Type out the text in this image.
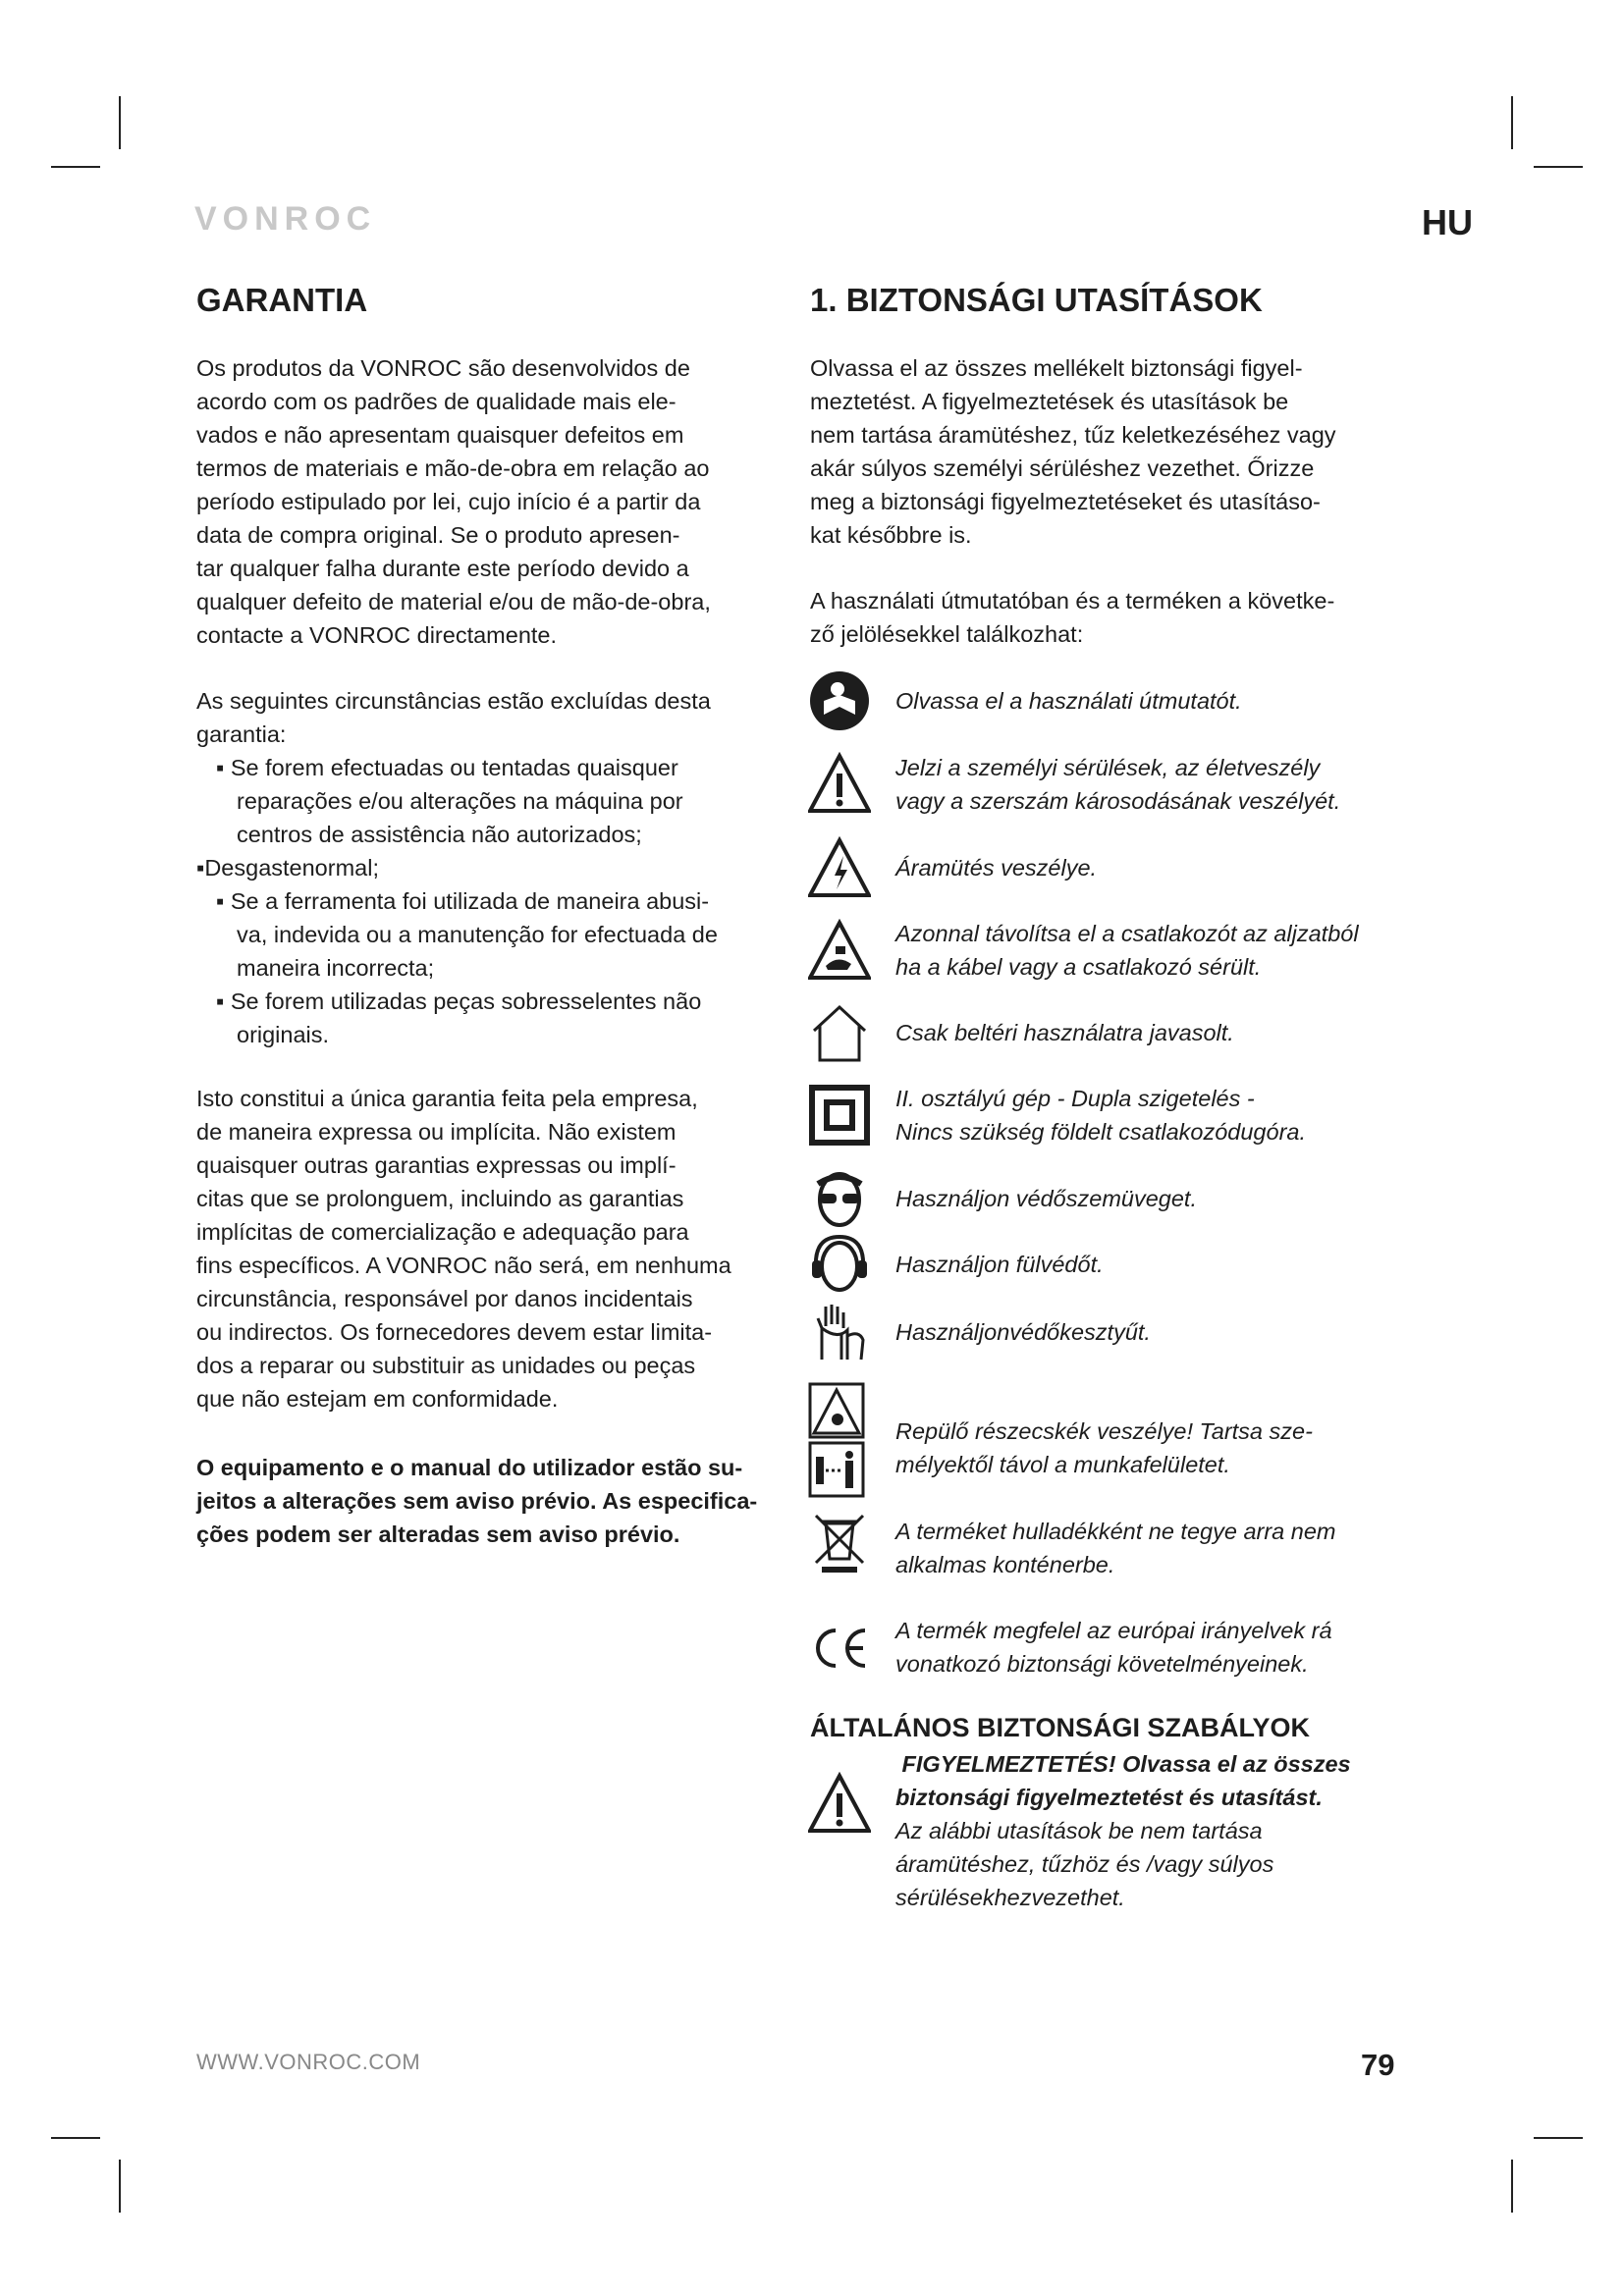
VONROC	HU
GARANTIA
Os produtos da VONROC são desenvolvidos de
acordo com os padrões de qualidade mais ele-
vados e não apresentam quaisquer defeitos em
termos de materiais e mão-de-obra em relação ao
período estipulado por lei, cujo início é a partir da
data de compra original. Se o produto apresen-
tar qualquer falha durante este período devido a
qualquer defeito de material e/ou de mão-de-obra,
contacte a VONROC directamente.
As seguintes circunstâncias estão excluídas desta
garantia:
▪ Se forem efectuadas ou tentadas quaisquer
reparações e/ou alterações na máquina por
centros de assistência não autorizados;
▪Desgastenormal;
▪ Se a ferramenta foi utilizada de maneira abusi-
va, indevida ou a manutenção for efectuada de
maneira incorrecta;
▪ Se forem utilizadas peças sobresselentes não
originais.
Isto constitui a única garantia feita pela empresa,
de maneira expressa ou implícita. Não existem
quaisquer outras garantias expressas ou implí-
citas que se prolonguem, incluindo as garantias
implícitas de comercialização e adequação para
fins específicos. A VONROC não será, em nenhuma
circunstância, responsável por danos incidentais
ou indirectos. Os fornecedores devem estar limita-
dos a reparar ou substituir as unidades ou peças
que não estejam em conformidade.
O equipamento e o manual do utilizador estão su-
jeitos a alterações sem aviso prévio. As especifica-
ções podem ser alteradas sem aviso prévio.
1. BIZTONSÁGI UTASÍTÁSOK
Olvassa el az összes mellékelt biztonsági figyel-
meztetést. A figyelmeztetések és utasítások be
nem tartása áramütéshez, tűz keletkezéséhez vagy
akár súlyos személyi sérüléshez vezethet. Őrizze
meg a biztonsági figyelmeztetéseket és utasításo-
kat későbbre is.
A használati útmutatóban és a terméken a követke-
ző jelölésekkel találkozhat:
Olvassa el a használati útmutatót.
Jelzi a személyi sérülések, az életveszély
vagy a szerszám károsodásának veszélyét.
Áramütés veszélye.
Azonnal távolítsa el a csatlakozót az aljzatból
ha a kábel vagy a csatlakozó sérült.
Csak beltéri használatra javasolt.
II. osztályú gép - Dupla szigetelés -
Nincs szükség földelt csatlakozódugóra.
Használjon védőszemüveget.
Használjon fülvédőt.
Használjonvédőkesztyűt.
Repülő részecskék veszélye! Tartsa sze-
mélyektől távol a munkafelületet.
A terméket hulladékként ne tegye arra nem
alkalmas konténerbe.
A termék megfelel az európai irányelvek rá
vonatkozó biztonsági követelményeinek.
ÁLTALÁNOS BIZTONSÁGI SZABÁLYOK
FIGYELMEZTETÉS! Olvassa el az összes
biztonsági figyelmeztetést és utasítást.
Az alábbi utasítások be nem tartása
áramütéshez, tűzhöz és /vagy súlyos
sérülésekhezvezethet.
WWW.VONROC.COM	79
